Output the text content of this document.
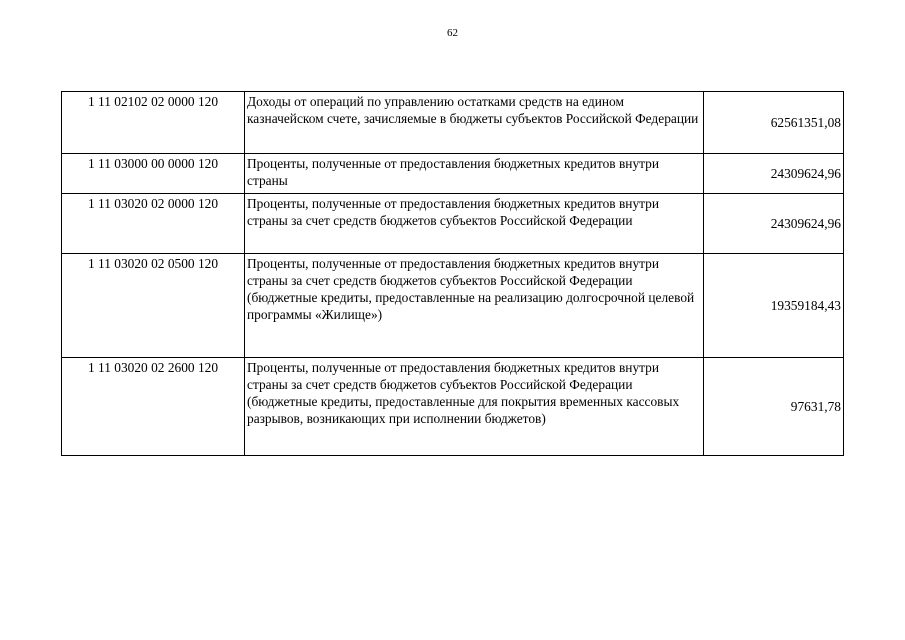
62
1 11 02102 02 0000 120	Доходы от операций по управлению остатками средств на едином казначейском счете, зачисляемые в бюджеты субъектов Российской Федерации	62561351,08
1 11 03000 00 0000 120	Проценты, полученные от предоставления бюджетных кредитов внутри страны	24309624,96
1 11 03020 02 0000 120	Проценты, полученные от предоставления бюджетных кредитов внутри страны за счет средств бюджетов субъектов Российской Федерации	24309624,96
1 11 03020 02 0500 120	Проценты, полученные от предоставления бюджетных кредитов внутри страны за счет средств бюджетов субъектов Российской Федерации (бюджетные кредиты, предоставленные на реализацию долгосрочной целевой программы «Жилище»)	19359184,43
1 11 03020 02 2600 120	Проценты, полученные от предоставления бюджетных кредитов внутри страны за счет средств бюджетов субъектов Российской Федерации (бюджетные кредиты, предоставленные для покрытия временных кассовых разрывов, возникающих при исполнении бюджетов)	97631,78
